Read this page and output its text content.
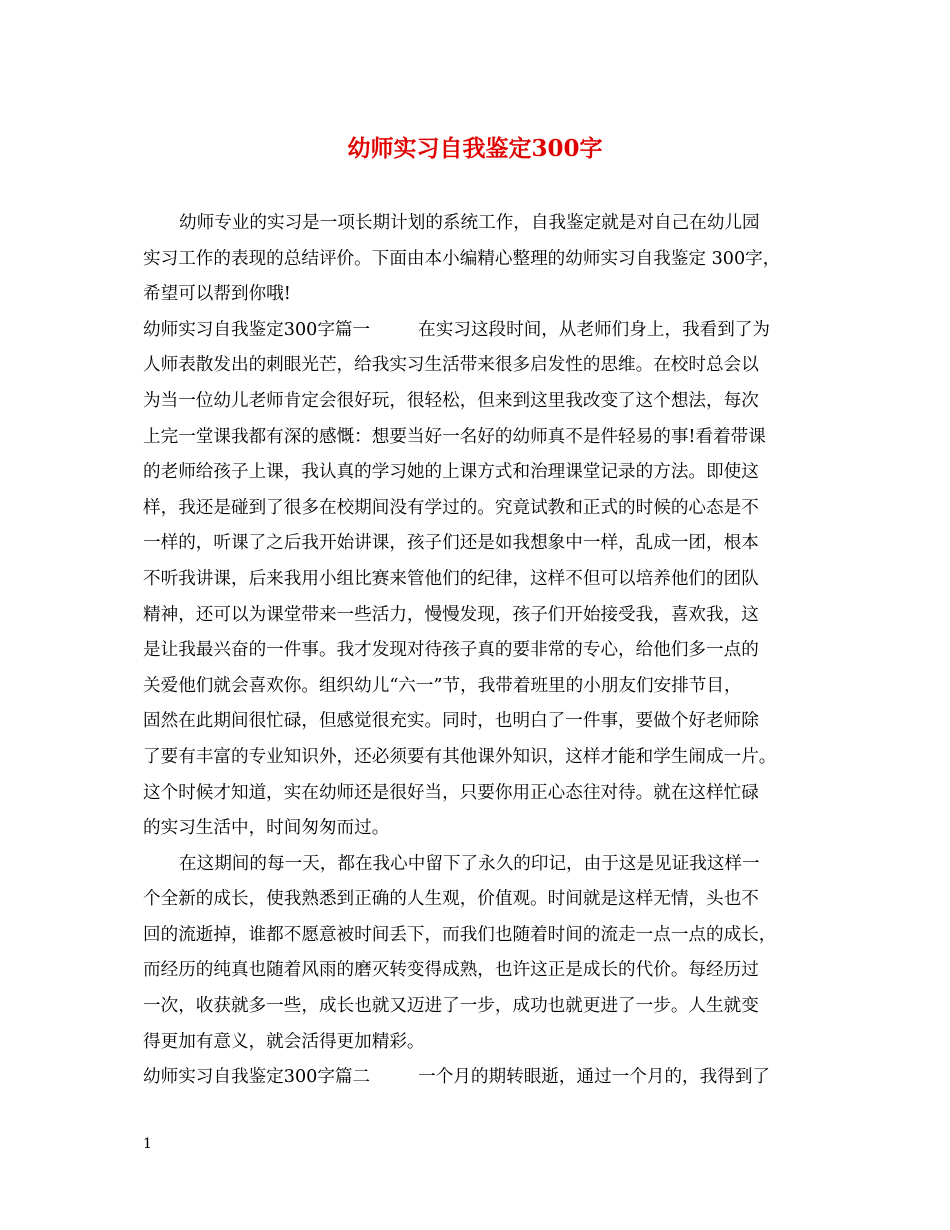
幼师实习自我鉴定300字
幼师专业的实习是一项长期计划的系统工作，自我鉴定就是对自己在幼儿园
实习工作的表现的总结评价。下面由本小编精心整理的幼师实习自我鉴定 300字，
希望可以帮到你哦!
幼师实习自我鉴定300字篇一	在实习这段时间，从老师们身上，我看到了为
人师表散发出的刺眼光芒，给我实习生活带来很多启发性的思维。在校时总会以
为当一位幼儿老师肯定会很好玩，很轻松，但来到这里我改变了这个想法，每次
上完一堂课我都有深的感慨：想要当好一名好的幼师真不是件轻易的事!看着带课
的老师给孩子上课，我认真的学习她的上课方式和治理课堂记录的方法。即使这
样，我还是碰到了很多在校期间没有学过的。究竟试教和正式的时候的心态是不
一样的，听课了之后我开始讲课，孩子们还是如我想象中一样，乱成一团，根本
不听我讲课，后来我用小组比赛来管他们的纪律，这样不但可以培养他们的团队
精神，还可以为课堂带来一些活力，慢慢发现，孩子们开始接受我，喜欢我，这
是让我最兴奋的一件事。我才发现对待孩子真的要非常的专心，给他们多一点的
关爱他们就会喜欢你。组织幼儿“六一”节，我带着班里的小朋友们安排节目，
固然在此期间很忙碌，但感觉很充实。同时，也明白了一件事，要做个好老师除
了要有丰富的专业知识外，还必须要有其他课外知识，这样才能和学生闹成一片。
这个时候才知道，实在幼师还是很好当，只要你用正心态往对待。就在这样忙碌
的实习生活中，时间匆匆而过。
在这期间的每一天，都在我心中留下了永久的印记，由于这是见证我这样一
个全新的成长，使我熟悉到正确的人生观，价值观。时间就是这样无情，头也不
回的流逝掉，谁都不愿意被时间丢下，而我们也随着时间的流走一点一点的成长，
而经历的纯真也随着风雨的磨灭转变得成熟，也许这正是成长的代价。每经历过
一次，收获就多一些，成长也就又迈进了一步，成功也就更进了一步。人生就变
得更加有意义，就会活得更加精彩。
幼师实习自我鉴定300字篇二	一个月的期转眼逝，通过一个月的，我得到了
1
